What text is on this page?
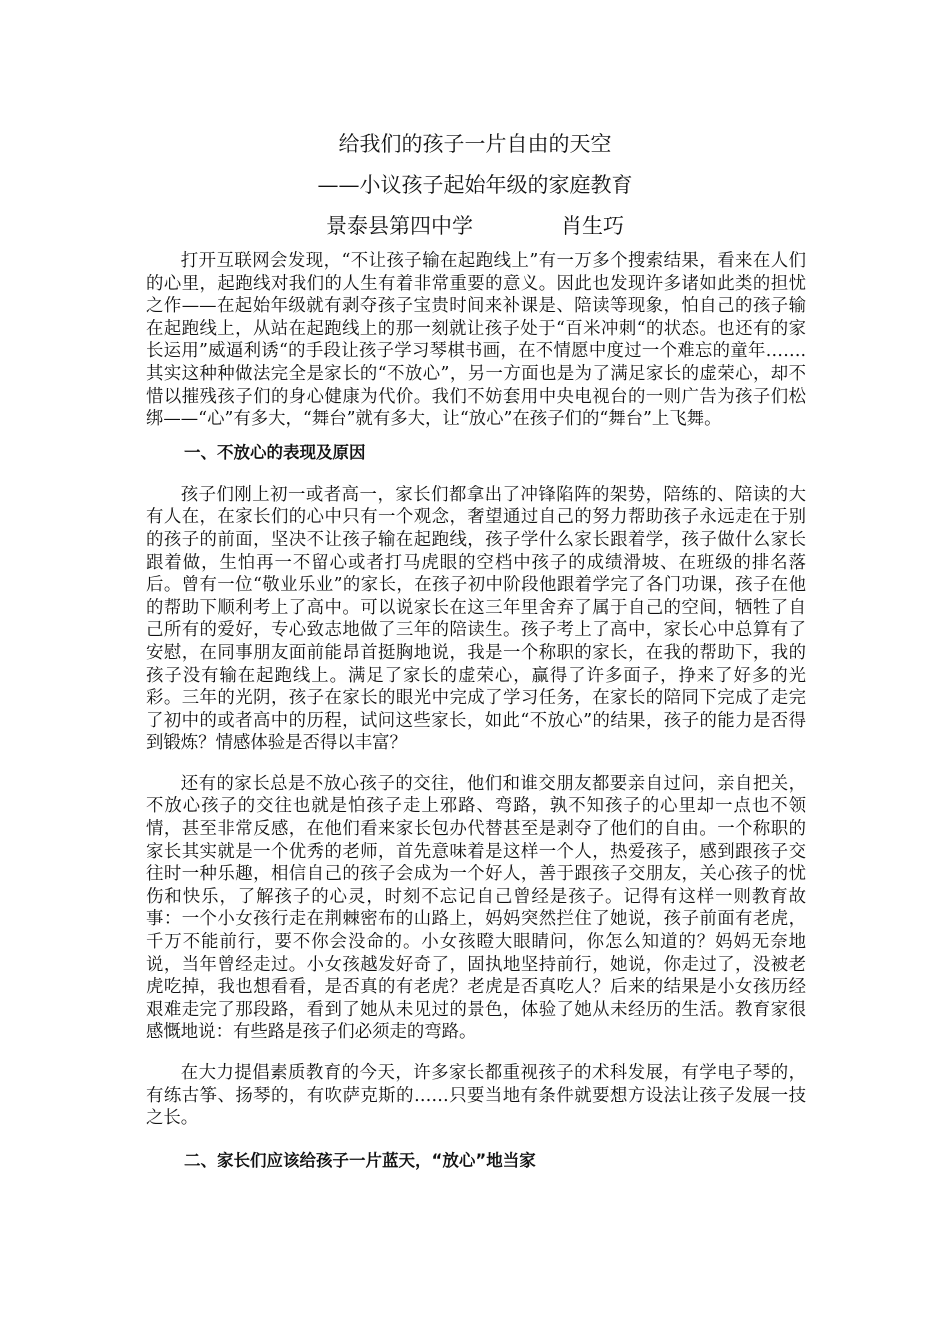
给我们的孩子一片自由的天空
——小议孩子起始年级的家庭教育
景泰县第四中学	肖生巧

打开互联网会发现，“不让孩子输在起跑线上”有一万多个搜索结果，看来在人们的心里，起跑线对我们的人生有着非常重要的意义。因此也发现许多诸如此类的担忧之作——在起始年级就有剥夺孩子宝贵时间来补课是、陪读等现象，怕自己的孩子输在起跑线上，从站在起跑线上的那一刻就让孩子处于“百米冲刺“的状态。也还有的家长运用”威逼利诱“的手段让孩子学习琴棋书画，在不情愿中度过一个难忘的童年…….其实这种种做法完全是家长的“不放心”，另一方面也是为了满足家长的虚荣心，却不惜以摧残孩子们的身心健康为代价。我们不妨套用中央电视台的一则广告为孩子们松绑——“心”有多大，“舞台”就有多大，让“放心”在孩子们的“舞台”上飞舞。

一、不放心的表现及原因

孩子们刚上初一或者高一，家长们都拿出了冲锋陷阵的架势，陪练的、陪读的大有人在，在家长们的心中只有一个观念，奢望通过自己的努力帮助孩子永远走在于别的孩子的前面，坚决不让孩子输在起跑线，孩子学什么家长跟着学，孩子做什么家长跟着做，生怕再一不留心或者打马虎眼的空档中孩子的成绩滑坡、在班级的排名落后。曾有一位“敬业乐业”的家长，在孩子初中阶段他跟着学完了各门功课，孩子在他的帮助下顺利考上了高中。可以说家长在这三年里舍弃了属于自己的空间，牺牲了自己所有的爱好，专心致志地做了三年的陪读生。孩子考上了高中，家长心中总算有了安慰，在同事朋友面前能昂首挺胸地说，我是一个称职的家长，在我的帮助下，我的孩子没有输在起跑线上。满足了家长的虚荣心，赢得了许多面子，挣来了好多的光彩。三年的光阴，孩子在家长的眼光中完成了学习任务，在家长的陪同下完成了走完了初中的或者高中的历程，试问这些家长，如此“不放心”的结果，孩子的能力是否得到锻炼？情感体验是否得以丰富？

还有的家长总是不放心孩子的交往，他们和谁交朋友都要亲自过问，亲自把关，不放心孩子的交往也就是怕孩子走上邪路、弯路，孰不知孩子的心里却一点也不领情，甚至非常反感，在他们看来家长包办代替甚至是剥夺了他们的自由。一个称职的家长其实就是一个优秀的老师，首先意味着是这样一个人，热爱孩子，感到跟孩子交往时一种乐趣，相信自己的孩子会成为一个好人，善于跟孩子交朋友，关心孩子的忧伤和快乐，了解孩子的心灵，时刻不忘记自己曾经是孩子。记得有这样一则教育故事：一个小女孩行走在荆棘密布的山路上，妈妈突然拦住了她说，孩子前面有老虎，千万不能前行，要不你会没命的。小女孩瞪大眼睛问，你怎么知道的？妈妈无奈地说，当年曾经走过。小女孩越发好奇了，固执地坚持前行，她说，你走过了，没被老虎吃掉，我也想看看，是否真的有老虎？老虎是否真吃人？后来的结果是小女孩历经艰难走完了那段路，看到了她从未见过的景色，体验了她从未经历的生活。教育家很感慨地说：有些路是孩子们必须走的弯路。

在大力提倡素质教育的今天，许多家长都重视孩子的术科发展，有学电子琴的，有练古筝、扬琴的，有吹萨克斯的……只要当地有条件就要想方设法让孩子发展一技之长。

二、家长们应该给孩子一片蓝天，“放心”地当家
